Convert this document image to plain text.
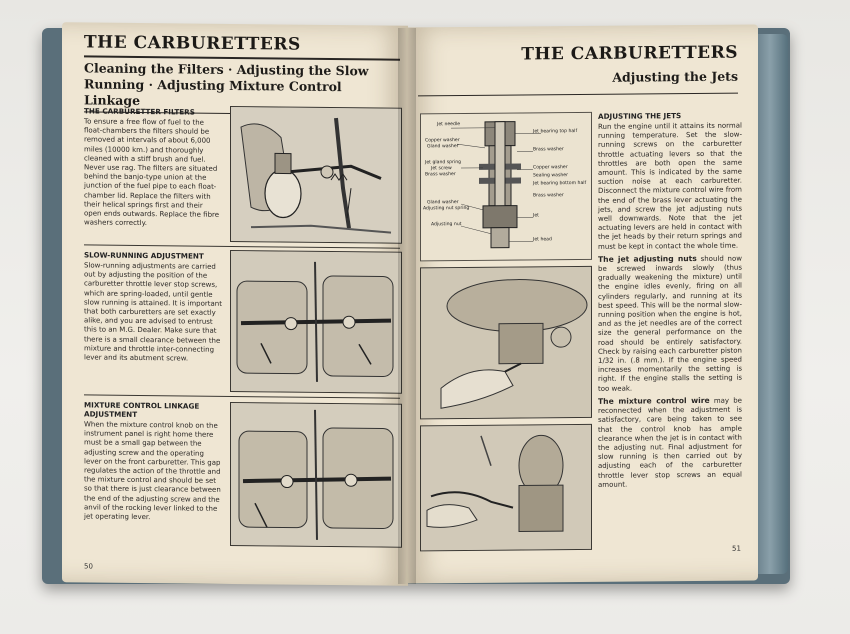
THE CARBURETTERS
Cleaning the Filters · Adjusting the Slow
Running · Adjusting Mixture Control Linkage
THE CARBURETTER FILTERS

To ensure a free flow of fuel to the float-chambers the filters should be removed at intervals of about 6,000 miles (10000 km.) and thoroughly cleaned with a stiff brush and fuel. Never use rag. The filters are situated behind the banjo-type union at the junction of the fuel pipe to each float-chamber lid. Replace the filters with their helical springs first and their open ends outwards. Replace the fibre washers correctly.

SLOW-RUNNING ADJUSTMENT

Slow-running adjustments are carried out by adjusting the position of the carburetter throttle lever stop screws, which are spring-loaded, until gentle slow running is attained. It is important that both carburetters are set exactly alike, and you are advised to entrust this to an M.G. Dealer. Make sure that there is a small clearance between the mixture and throttle inter-connecting lever and its abutment screw.

MIXTURE CONTROL LINKAGE ADJUSTMENT

When the mixture control knob on the instrument panel is right home there must be a small gap between the adjusting screw and the operating lever on the front carburetter. This gap regulates the action of the throttle and the mixture control and should be set so that there is just clearance between the end of the adjusting screw and the anvil of the rocking lever linked to the jet operating lever.

50
THE CARBURETTERS
Adjusting the Jets
Jet needle
Jet bearing top half
Copper washer
Gland washer
Brass washer
Jet gland spring
Jet screw	Copper washer
Brass washer	Sealing washer
Jet bearing bottom half
Brass washer
Gland washer
Adjusting nut spring
Jet
Adjusting nut
Jet head
ADJUSTING THE JETS

Run the engine until it attains its normal running temperature. Set the slow-running screws on the carburetter throttle actuating levers so that the throttles are both open the same amount. This is indicated by the same suction noise at each carburetter. Disconnect the mixture control wire from the end of the brass lever actuating the jets, and screw the jet adjusting nuts well downwards. Note that the jet actuating levers are held in contact with the jet heads by their return springs and must be kept in contact the whole time.

The jet adjusting nuts should now be screwed inwards slowly (thus gradually weakening the mixture) until the engine idles evenly, firing on all cylinders regularly, and running at its best speed. This will be the normal slow-running position when the engine is hot, and as the jet needles are of the correct size the general performance on the road should be entirely satisfactory. Check by raising each carburetter piston 1/32 in. (.8 mm.). If the engine speed increases momentarily the setting is right. If the engine stalls the setting is too weak.

The mixture control wire may be reconnected when the adjustment is satisfactory, care being taken to see that the control knob has ample clearance when the jet is in contact with the adjusting nut. Final adjustment for slow running is then carried out by adjusting each of the carburetter throttle lever stop screws an equal amount.

51
